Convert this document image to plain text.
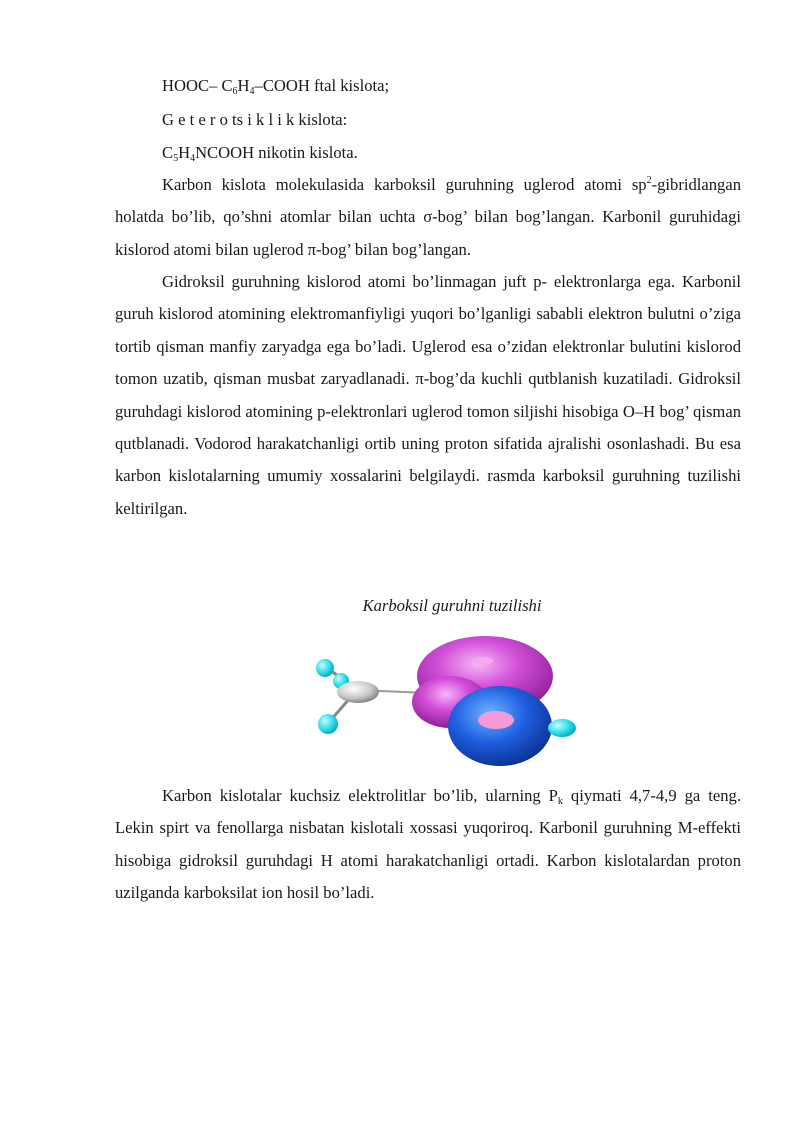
HOOC– $C_6H_4$–COOH ftal kislota;
G e t e r o ts i k l i k kislota:
$C_5H_4NCOOH$ nikotin kislota.

Karbon kislota molekulasida karboksil guruhning uglerod atomi $sp^2$-gibridlangan holatda bo’lib, qo’shni atomlar bilan uchta σ-bog’ bilan bog’langan. Karbonil guruhidagi kislorod atomi bilan uglerod π-bog’ bilan bog’langan.

Gidroksil guruhning kislorod atomi bo’linmagan juft p- elektronlarga ega. Karbonil guruh kislorod atomining elektromanfiyligi yuqori bo’lganligi sababli elektron bulutni o’ziga tortib qisman manfiy zaryadga ega bo’ladi. Uglerod esa o’zidan elektronlar bulutini kislorod tomon uzatib, qisman musbat zaryadlanadi. π-bog’da kuchli qutblanish kuzatiladi. Gidroksil guruhdagi kislorod atomining p-elektronlari uglerod tomon siljishi hisobiga O–H bog’ qisman qutblanadi. Vodorod harakatchanligi ortib uning proton sifatida ajralishi osonlashadi. Bu esa karbon kislotalarning umumiy xossalarini belgilaydi. rasmda karboksil guruhning tuzilishi keltirilgan.

Karboksil guruhni tuzilishi

Karbon kislotalar kuchsiz elektrolitlar bo’lib, ularning $P_k$ qiymati 4,7-4,9 ga teng. Lekin spirt va fenollarga nisbatan kislotali xossasi yuqoriroq. Karbonil guruhning M-effekti hisobiga gidroksil guruhdagi H atomi harakatchanligi ortadi. Karbon kislotalardan proton uzilganda karboksilat ion hosil bo’ladi.
